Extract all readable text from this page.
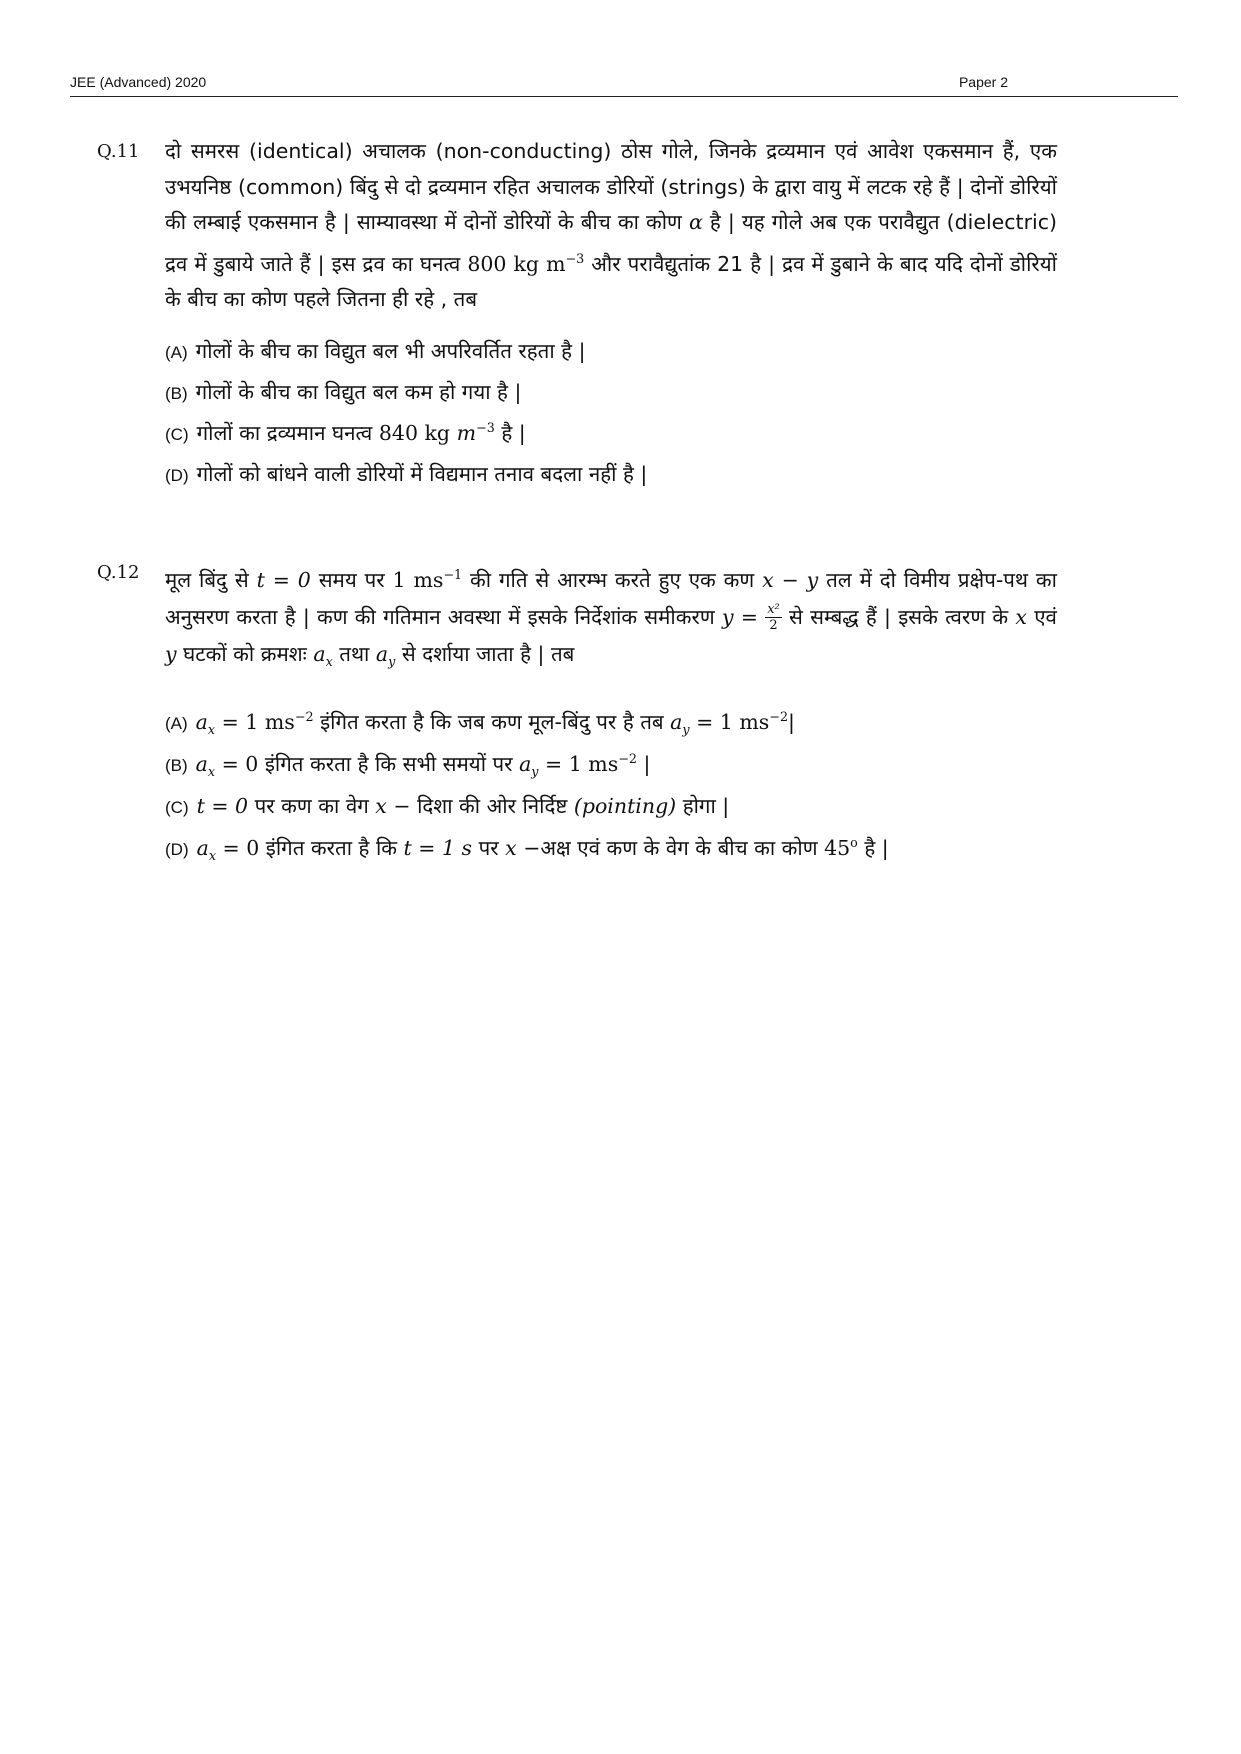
JEE (Advanced) 2020	Paper 2
Q.11 दो समरस (identical) अचालक (non-conducting) ठोस गोले, जिनके द्रव्यमान एवं आवेश एकसमान हैं, एक उभयनिष्ठ (common) बिंदु से दो द्रव्यमान रहित अचालक डोरियों (strings) के द्वारा वायु में लटक रहे हैं | दोनों डोरियों की लम्बाई एकसमान है | साम्यावस्था में दोनों डोरियों के बीच का कोण α है | यह गोले अब एक परावैद्युत (dielectric) द्रव में डुबाये जाते हैं | इस द्रव का घनत्व 800 kg $m^{-3}$ और परावैद्युतांक 21 है | द्रव में डुबाने के बाद यदि दोनों डोरियों के बीच का कोण पहले जितना ही रहे , तब

(A) गोलों के बीच का विद्युत बल भी अपरिवर्तित रहता है |
(B) गोलों के बीच का विद्युत बल कम हो गया है |
(C) गोलों का द्रव्यमान घनत्व 840 kg $m^{-3}$ है |
(D) गोलों को बांधने वाली डोरियों में विद्यमान तनाव बदला नहीं है |
Q.12 मूल बिंदु से t = 0 समय पर 1 $ms^{-1}$ की गति से आरम्भ करते हुए एक कण x − y तल में दो विमीय प्रक्षेप-पथ का अनुसरण करता है | कण की गतिमान अवस्था में इसके निर्देशांक समीकरण $y = \frac{\text{x²}}{2}$ से सम्बद्ध हैं | इसके त्वरण के x एवं y घटकों को क्रमशः $a_x$ तथा $a_y$ से दर्शाया जाता है | तब

(A) $a_x = 1$ $ms^{-2}$ इंगित करता है कि जब कण मूल-बिंदु पर है तब $a_y = 1$ $ms^{-2}|$
(B) $a_x = 0$ इंगित करता है कि सभी समयों पर $a_y = 1$ $ms^{-2}$ |
(C) t = 0 पर कण का वेग x − दिशा की ओर निर्दिष्ट (pointing) होगा |
(D) $a_x = 0$ इंगित करता है कि t = 1 s पर x −अक्ष एवं कण के वेग के बीच का कोण 45$^o$ है |
